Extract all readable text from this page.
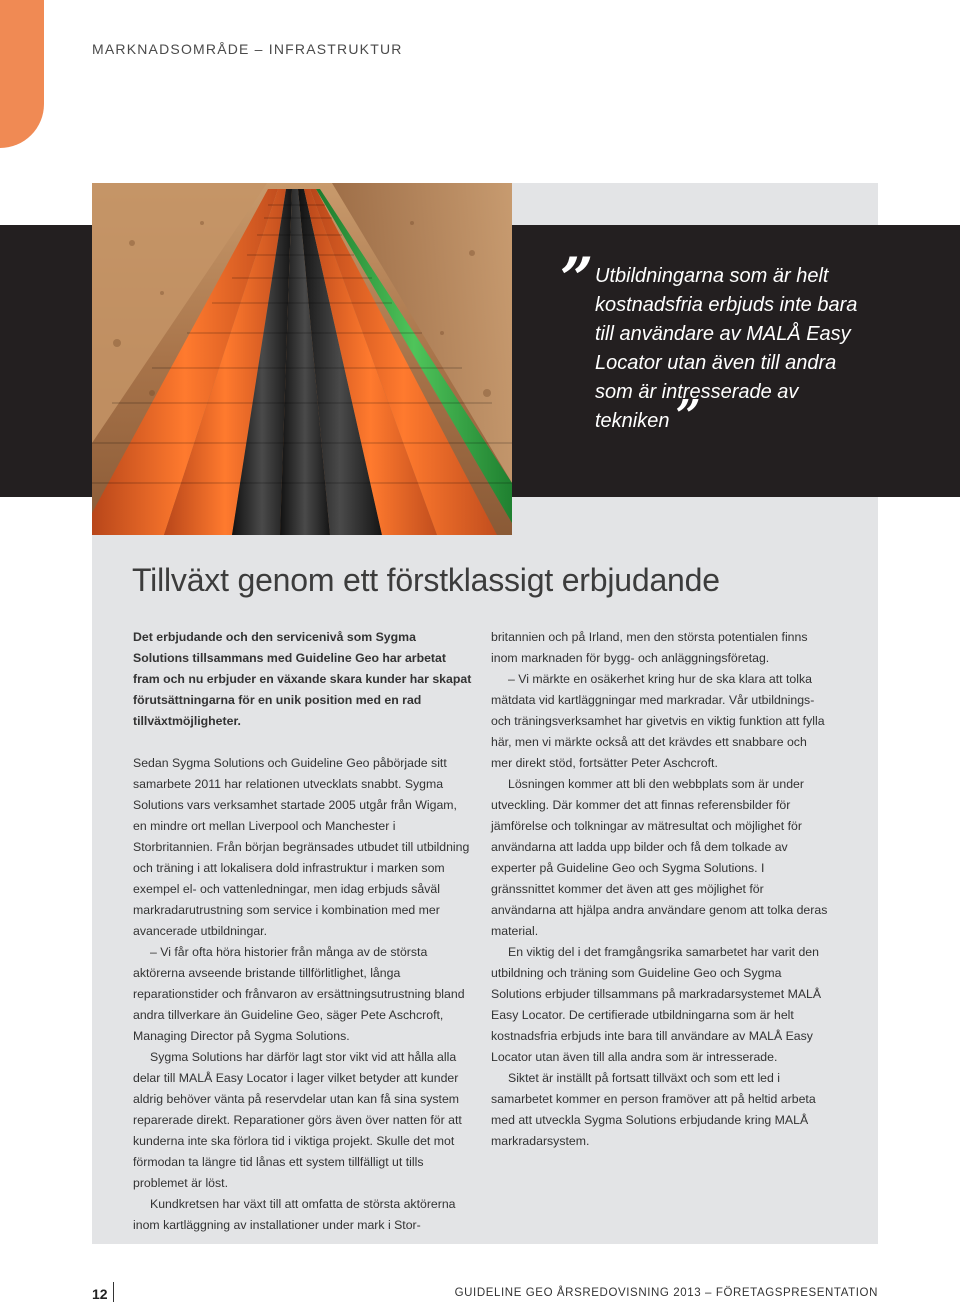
MARKNADSOMRÅDE – INFRASTRUKTUR
” Utbildningarna som är helt kostnadsfria erbjuds inte bara till användare av MALÅ Easy Locator utan även till andra som är intresserade av tekniken ”
Tillväxt genom ett förstklassigt erbjudande

Det erbjudande och den servicenivå som Sygma Solutions tillsammans med Guideline Geo har arbetat fram och nu erbjuder en växande skara kunder har skapat förutsättningarna för en unik position med en rad tillväxtmöjligheter.

Sedan Sygma Solutions och Guideline Geo påbörjade sitt samarbete 2011 har relationen utvecklats snabbt. Sygma Solutions vars verksamhet startade 2005 utgår från Wigam, en mindre ort mellan Liverpool och Manchester i Storbritannien. Från början begränsades utbudet till utbildning och träning i att lokalisera dold infrastruktur i marken som exempel el- och vattenledningar, men idag erbjuds såväl markradarutrustning som service i kombination med mer avancerade utbildningar.

– Vi får ofta höra historier från många av de största aktörerna avseende bristande tillförlitlighet, långa reparationstider och frånvaron av ersättningsutrustning bland andra tillverkare än Guideline Geo, säger Pete Aschcroft, Managing Director på Sygma Solutions.

Sygma Solutions har därför lagt stor vikt vid att hålla alla delar till MALÅ Easy Locator i lager vilket betyder att kunder aldrig behöver vänta på reservdelar utan kan få sina system reparerade direkt. Reparationer görs även över natten för att kunderna inte ska förlora tid i viktiga projekt. Skulle det mot förmodan ta längre tid lånas ett system tillfälligt ut tills problemet är löst.

Kundkretsen har växt till att omfatta de största aktörerna inom kartläggning av installationer under mark i Stor-

britannien och på Irland, men den största potentialen finns inom marknaden för bygg- och anläggningsföretag.

– Vi märkte en osäkerhet kring hur de ska klara att tolka mätdata vid kartläggningar med markradar. Vår utbildnings- och träningsverksamhet har givetvis en viktig funktion att fylla här, men vi märkte också att det krävdes ett snabbare och mer direkt stöd, fortsätter Peter Aschcroft.

Lösningen kommer att bli den webbplats som är under utveckling. Där kommer det att finnas referensbilder för jämförelse och tolkningar av mätresultat och möjlighet för användarna att ladda upp bilder och få dem tolkade av experter på Guideline Geo och Sygma Solutions. I gränssnittet kommer det även att ges möjlighet för användarna att hjälpa andra användare genom att tolka deras material.

En viktig del i det framgångsrika samarbetet har varit den utbildning och träning som Guideline Geo och Sygma Solutions erbjuder tillsammans på markradarsystemet MALÅ Easy Locator. De certifierade utbildningarna som är helt kostnadsfria erbjuds inte bara till användare av MALÅ Easy Locator utan även till alla andra som är intresserade.

Siktet är inställt på fortsatt tillväxt och som ett led i samarbetet kommer en person framöver att på heltid arbeta med att utveckla Sygma Solutions erbjudande kring MALÅ markradarsystem.

12	GUIDELINE GEO ÅRSREDOVISNING 2013 – FÖRETAGSPRESENTATION
